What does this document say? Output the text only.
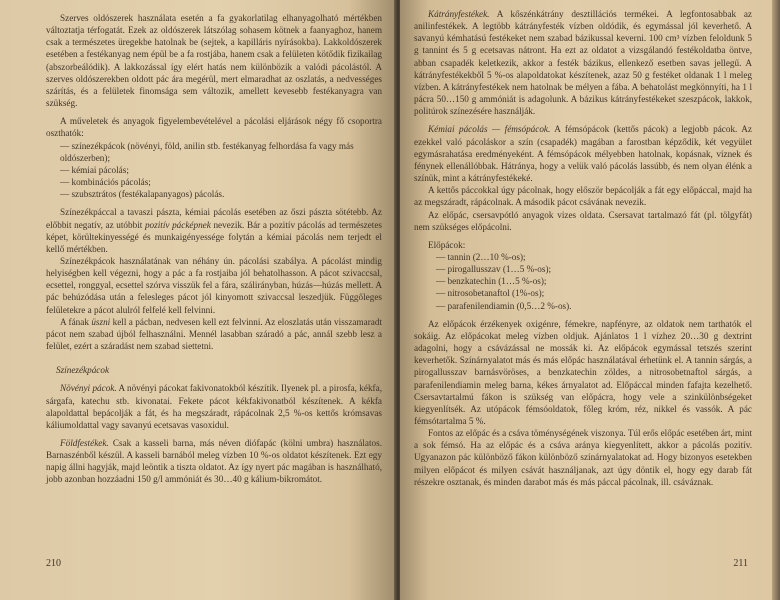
Szerves oldószerek használata esetén a fa gyakorlatilag elhanyagolható mértékben változtatja térfogatát. Ezek az oldószerek látszólag sohasem kötnek a faanyaghoz, hanem csak a természetes üregekbe hatolnak be (sejtek, a kapilláris nyírásokba). Lakkoldószerek esetében a festékanyag nem épül be a fa rostjába, hanem csak a felületen kötődik fizikailag (abszorbeálódik). A lakkozással így elért hatás nem különbözik a valódi pácolástól. A szerves oldószerekben oldott pác ára megérül, mert elmaradhat az oszlatás, a nedvességes szárítás, és a felületek finomsága sem változik, amellett kevesebb festékanyagra van szükség.

A műveletek és anyagok figyelembevételével a pácolási eljárások négy fő csoportra oszthatók:

— színezékpácok (növényi, föld, anilin stb. festékanyag felhordása fa vagy más oldószerben);
— kémiai pácolás;
— kombinációs pácolás;
— szubsztrátos (festékalapanyagos) pácolás.

Színezékpáccal a tavaszi pászta, kémiai pácolás esetében az őszi pászta sötétebb. Az előbbit negatív, az utóbbit pozitív pácképnek nevezik. Bár a pozitív pácolás ad természetes képet, körültekinyességé és munkaigényessége folytán a kémiai pácolás nem terjedt el kellő mértékben.

Színezékpácok használatának van néhány ún. pácolási szabálya. A pácolást mindig helyiségben kell végezni, hogy a pác a fa rostjaiba jól behatolhasson. A pácot szivaccsal, ecsettel, ronggyal, ecsettel szórva visszük fel a fára, szálirányban, húzás—húzás mellett. A pác behúzódása után a felesleges pácot jól kinyomott szivaccsal leszedjük. Függőleges felületekre a pácot alulról felfelé kell felvinni.

A fának üszni kell a pácban, nedvesen kell ezt felvinni. Az eloszlatás után visszamaradt pácot nem szabad újból felhasználni. Mennél lasabban száradó a pác, annál szebb lesz a felület, ezért a száradást nem szabad siettetni.

Színezékpácok

Növényi pácok. A növényi pácokat fakivonatokból készítik. Ilyenek pl. a pirosfa, kékfa, sárgafa, katechu stb. kivonatai. Fekete pácot kékfakivonatból készítenek. A kékfa alapoldattal bepácolják a fát, és ha megszáradt, rápácolnak 2,5 %-os kettős krómsavas káliumoldattal vagy savanyú ecetsavas vasoxidul.

Földfestékek. Csak a kasseli barna, más néven diófapác (kölni umbra) használatos. Barnaszénből készül. A kasseli barnából meleg vízben 10 %-os oldatot készítenek. Ezt egy napig állni hagyják, majd leöntik a tiszta oldatot. Az így nyert pác magában is használható, jobb azonban hozzáadni 150 g/l ammóniát és 30…40 g kálium-bikromátot.

210

Kátrányfestékek. A kőszénkátrány desztillációs termékei. A legfontosabbak az anilinfestékek. A legtöbb kátrányfesték vízben oldódik, és egymással jól keverhető. A savanyú kémhatású festékeket nem szabad bázikussal keverni. 100 cm³ vízben feloldunk 5 g tannint és 5 g ecetsavas nátront. Ha ezt az oldatot a vizsgálandó festékoldatba öntve, abban csapadék keletkezik, akkor a festék bázikus, ellenkező esetben savas jellegű. A kátrányfestékekből 5 %-os alapoldatokat készítenek, azaz 50 g festéket oldanak 1 l meleg vízben. A kátrányfestékek nem hatolnak be mélyen a fába. A behatolást megkönnyíti, ha 1 l pácra 50…150 g ammóniát is adagolunk. A bázikus kátrányfestékeket szeszpácok, lakkok, politúrok színezésére használják.

Kémiai pácolás — fémsópácok. A fémsópácok (kettős pácok) a legjobb pácok. Az ezekkel való pácoláskor a szín (csapadék) magában a farostban képződik, két vegyület egymásrahatása eredményeként. A fémsópácok mélyebben hatolnak, kopásnak, víznek és fénynek ellenállóbbak. Hátránya, hogy a velük való pácolás lassúbb, és nem olyan élénk a színük, mint a kátrányfestékeké.

A kettős páccokkal úgy pácolnak, hogy először bepácolják a fát egy előpáccal, majd ha az megszáradt, rápácolnak. A második pácot csávának nevezik.

Az előpác, csersavpótló anyagok vizes oldata. Csersavat tartalmazó fát (pl. tölgyfát) nem szükséges előpácolni.

Előpácok:

— tannin (2…10 %-os);
— pirogallusszav (1…5 %-os);
— benzkatechin (1…5 %-os);
— nitrosobetanaftol (1%-os);
— parafenilendiamin (0,5…2 %-os).

Az előpácok érzékenyek oxigénre, fémekre, napfényre, az oldatok nem tarthatók el sokáig. Az előpácokat meleg vízben oldjuk. Ajánlatos 1 l vízhez 20…30 g dextrint adagolni, hogy a csávázással ne mossák ki. Az előpácok egymással tetszés szerint keverhetők. Színárnyalatot más és más előpác használatával érhetünk el. A tannin sárgás, a pirogallusszav barnásvöröses, a benzkatechin zöldes, a nitrosobetnaftol sárgás, a parafenilendiamin meleg barna, kékes árnyalatot ad. Előpáccal minden fafajta kezelhető. Csersavtartalmú fákon is szükség van előpácra, hogy vele a szinkülönbségeket kiegyenlítsék. Az utópácok fémsóoldatok, főleg króm, réz, nikkel és vassók. A pác fémsótartalma 5 %.

Fontos az előpác és a csáva töménységének viszonya. Túl erős előpác esetében árt, mint a sok fémsó. Ha az előpác és a csáva aránya kiegyenlített, akkor a pácolás pozitív. Ugyanazon pác különböző fákon különböző színárnyalatokat ad. Hogy bizonyos esetekben milyen előpácot és milyen csávát használjanak, azt úgy döntik el, hogy egy darab fát részekre osztanak, és minden darabot más és más páccal pácolnak, ill. csáváznak.

211
